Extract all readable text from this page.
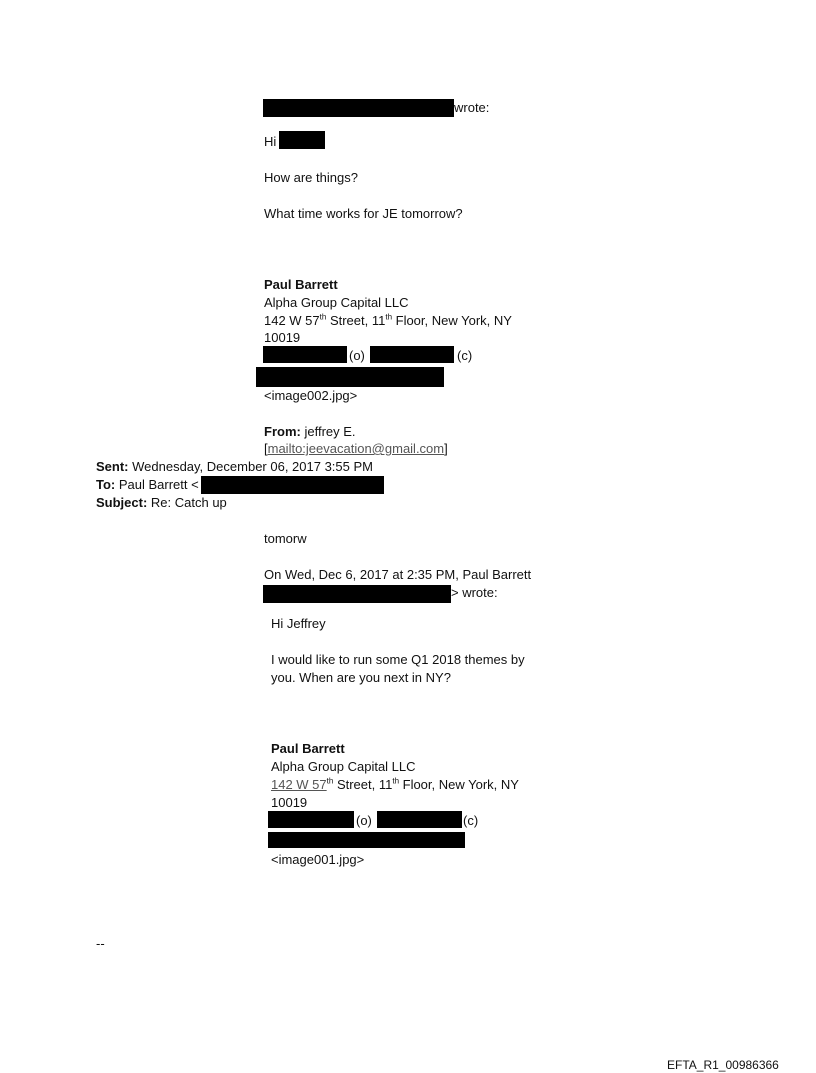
wrote:
Hi
How are things?
What time works for JE tomorrow?
Paul Barrett
Alpha Group Capital LLC
142 W 57th Street, 11th Floor, New York, NY
10019
(o)	(c)
<image002.jpg>
From: jeffrey E.
[mailto:jeevacation@gmail.com]
Sent: Wednesday, December 06, 2017 3:55 PM
To: Paul Barrett <
Subject: Re: Catch up
tomorw
On Wed, Dec 6, 2017 at 2:35 PM, Paul Barrett
> wrote:
Hi Jeffrey
I would like to run some Q1 2018 themes by
you. When are you next in NY?
Paul Barrett
Alpha Group Capital LLC
142 W 57th Street, 11th Floor, New York, NY
10019
(o)	(c)
<image001.jpg>
--
EFTA_R1_00986366
